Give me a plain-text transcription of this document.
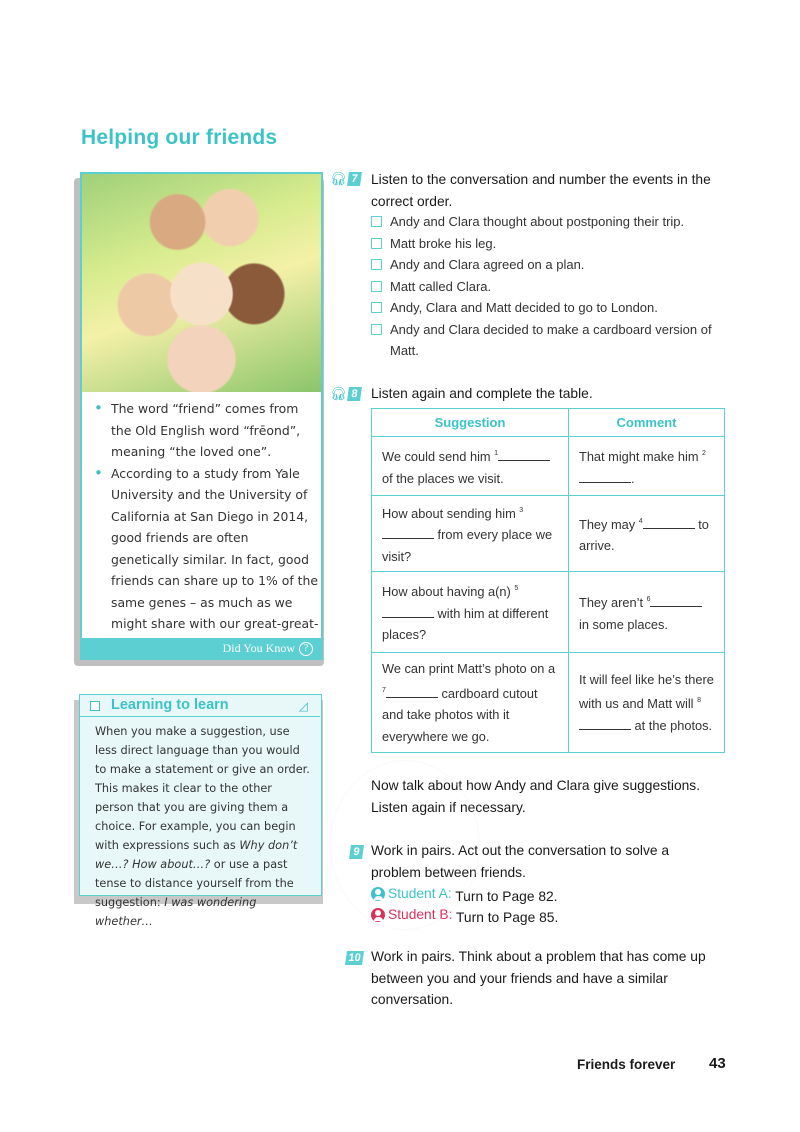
Helping our friends
• The word “friend” comes from the Old English word “frēond”, meaning “the loved one”.
• According to a study from Yale University and the University of California at San Diego in 2014, good friends are often genetically similar. In fact, good friends can share up to 1% of the same genes – as much as we might share with our great-great-
Did You Know ?
Learning to learn	◿
When you make a suggestion, use less direct language than you would to make a statement or give an order. This makes it clear to the other person that you are giving them a choice. For example, you can begin with expressions such as Why don’t we…? How about…? or use a past tense to distance yourself from the suggestion: I was wondering whether…
🎧︎ 7 Listen to the conversation and number the events in the correct order.
Andy and Clara thought about postponing their trip.
Matt broke his leg.
Andy and Clara agreed on a plan.
Matt called Clara.
Andy, Clara and Matt decided to go to London.
Andy and Clara decided to make a cardboard version of Matt.
🎧︎ 8 Listen again and complete the table.
Suggestion	Comment
We could send him $^1$ of the places we visit.	That might make him $^2$.
How about sending him $^3$ from every place we visit?	They may $^4$ to arrive.
How about having a(n) $^5$ with him at different places?	They aren’t $^6$ in some places.
We can print Matt’s photo on a $^7$ cardboard cutout and take photos with it everywhere we go.	It will feel like he’s there with us and Matt will $^8$ at the photos.
Now talk about how Andy and Clara give suggestions. Listen again if necessary.
9 Work in pairs. Act out the conversation to solve a problem between friends.
Student A: Turn to Page 82.
Student B: Turn to Page 85.
10 Work in pairs. Think about a problem that has come up between you and your friends and have a similar conversation.
Friends forever 43
